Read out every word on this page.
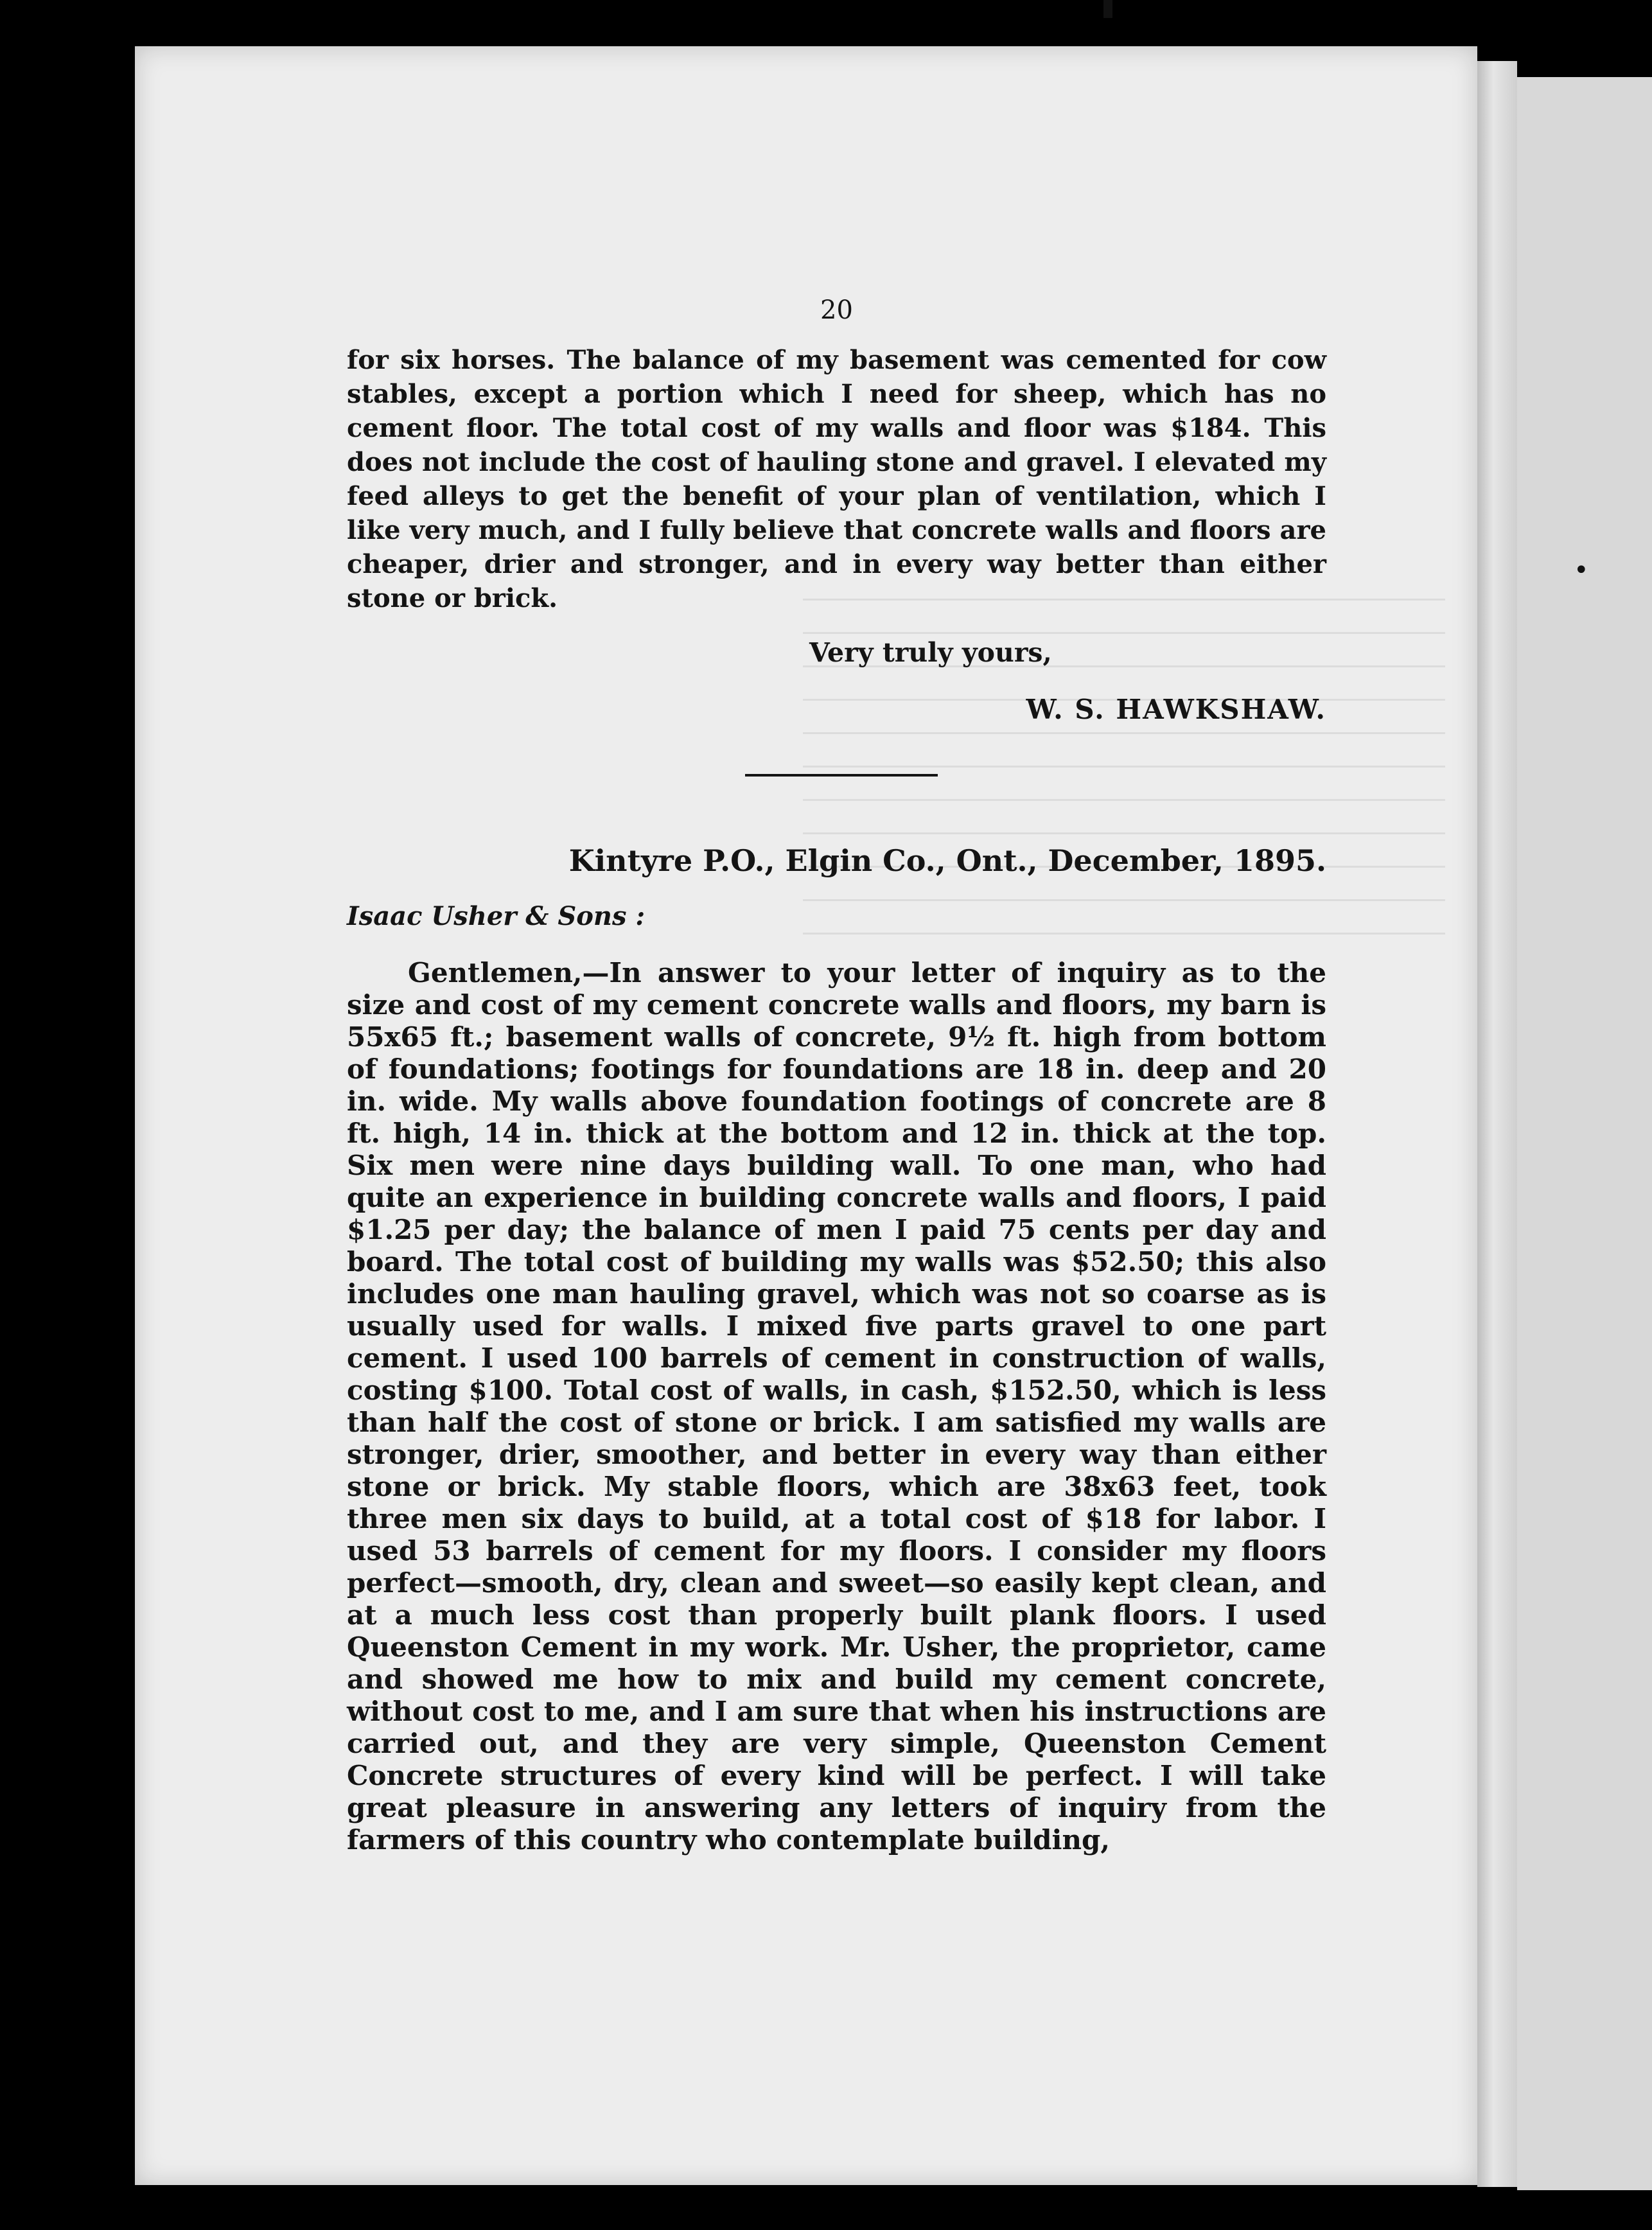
•
20

for six horses. The balance of my basement was cemented for cow stables, except a portion which I need for sheep, which has no cement floor. The total cost of my walls and floor was $184. This does not include the cost of hauling stone and gravel. I elevated my feed alleys to get the benefit of your plan of ventilation, which I like very much, and I fully believe that concrete walls and floors are cheaper, drier and stronger, and in every way better than either stone or brick.

Very truly yours,
W. S. HAWKSHAW.
Kintyre P.O., Elgin Co., Ont., December, 1895.
Isaac Usher & Sons :

Gentlemen,—In answer to your letter of inquiry as to the size and cost of my cement concrete walls and floors, my barn is 55x65 ft.; basement walls of concrete, 9½ ft. high from bottom of foundations; footings for foundations are 18 in. deep and 20 in. wide. My walls above foundation footings of concrete are 8 ft. high, 14 in. thick at the bottom and 12 in. thick at the top. Six men were nine days building wall. To one man, who had quite an experience in building concrete walls and floors, I paid $1.25 per day; the balance of men I paid 75 cents per day and board. The total cost of building my walls was $52.50; this also includes one man hauling gravel, which was not so coarse as is usually used for walls. I mixed five parts gravel to one part cement. I used 100 barrels of cement in construction of walls, costing $100. Total cost of walls, in cash, $152.50, which is less than half the cost of stone or brick. I am satisfied my walls are stronger, drier, smoother, and better in every way than either stone or brick. My stable floors, which are 38x63 feet, took three men six days to build, at a total cost of $18 for labor. I used 53 barrels of cement for my floors. I consider my floors perfect—smooth, dry, clean and sweet—so easily kept clean, and at a much less cost than properly built plank floors. I used Queenston Cement in my work. Mr. Usher, the proprietor, came and showed me how to mix and build my cement concrete, without cost to me, and I am sure that when his instructions are carried out, and they are very simple, Queenston Cement Concrete structures of every kind will be perfect. I will take great pleasure in answering any letters of inquiry from the farmers of this country who contemplate building,
